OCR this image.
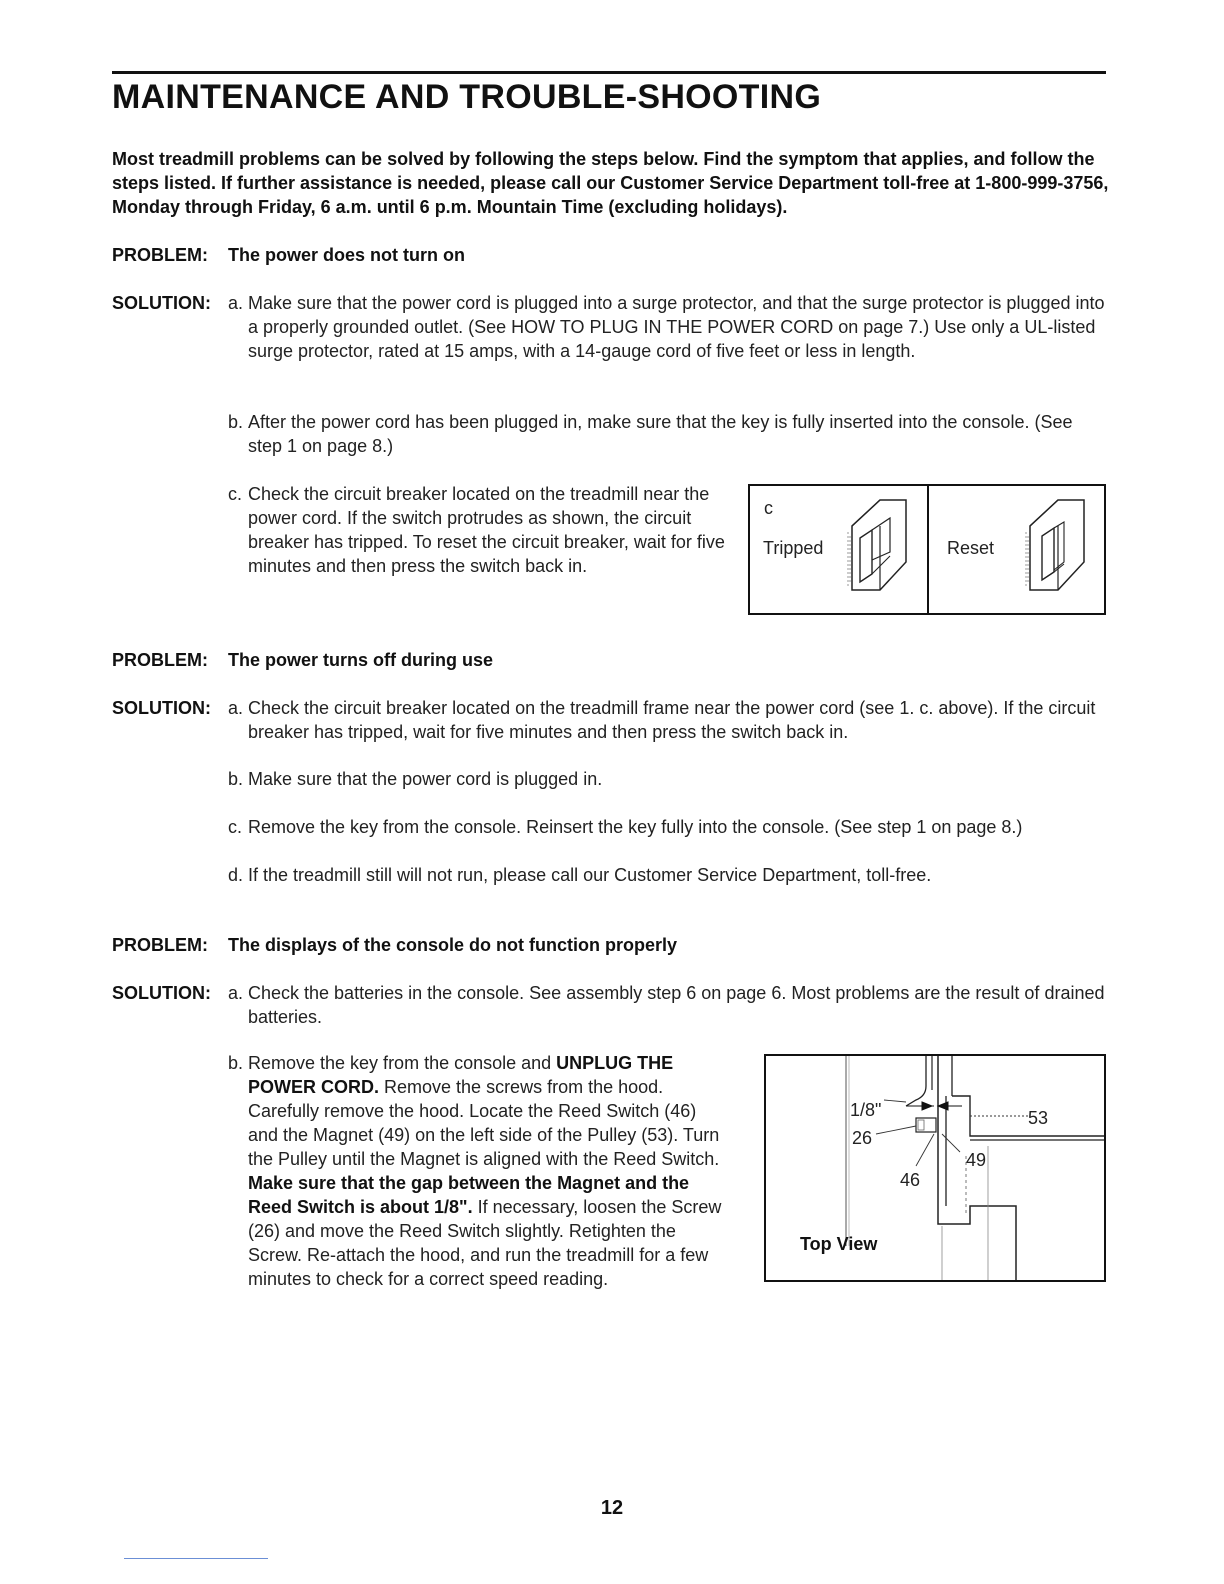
MAINTENANCE AND TROUBLE-SHOOTING

Most treadmill problems can be solved by following the steps below. Find the symptom that applies, and follow the steps listed. If further assistance is needed, please call our Customer Service Department toll-free at 1-800-999-3756, Monday through Friday, 6 a.m. until 6 p.m. Mountain Time (excluding holidays).

PROBLEM: The power does not turn on
SOLUTION: a. Make sure that the power cord is plugged into a surge protector, and that the surge protector is plugged into a properly grounded outlet. (See HOW TO PLUG IN THE POWER CORD on page 7.) Use only a UL-listed surge protector, rated at 15 amps, with a 14-gauge cord of five feet or less in length.
b. After the power cord has been plugged in, make sure that the key is fully inserted into the console. (See step 1 on page 8.)
c. Check the circuit breaker located on the treadmill near the power cord. If the switch protrudes as shown, the circuit breaker has tripped. To reset the circuit breaker, wait for five minutes and then press the switch back in.
c
Tripped	Reset
PROBLEM: The power turns off during use
SOLUTION: a. Check the circuit breaker located on the treadmill frame near the power cord (see 1. c. above). If the circuit breaker has tripped, wait for five minutes and then press the switch back in.
b. Make sure that the power cord is plugged in.
c. Remove the key from the console. Reinsert the key fully into the console. (See step 1 on page 8.)
d. If the treadmill still will not run, please call our Customer Service Department, toll-free.
PROBLEM: The displays of the console do not function properly
SOLUTION: a. Check the batteries in the console. See assembly step 6 on page 6. Most problems are the result of drained batteries.
b. Remove the key from the console and UNPLUG THE POWER CORD. Remove the screws from the hood. Carefully remove the hood. Locate the Reed Switch (46) and the Magnet (49) on the left side of the Pulley (53). Turn the Pulley until the Magnet is aligned with the Reed Switch. Make sure that the gap between the Magnet and the Reed Switch is about 1/8". If necessary, loosen the Screw (26) and move the Reed Switch slightly. Retighten the Screw. Re-attach the hood, and run the treadmill for a few minutes to check for a correct speed reading.
1/8"
26
46
49
53
Top View
12
